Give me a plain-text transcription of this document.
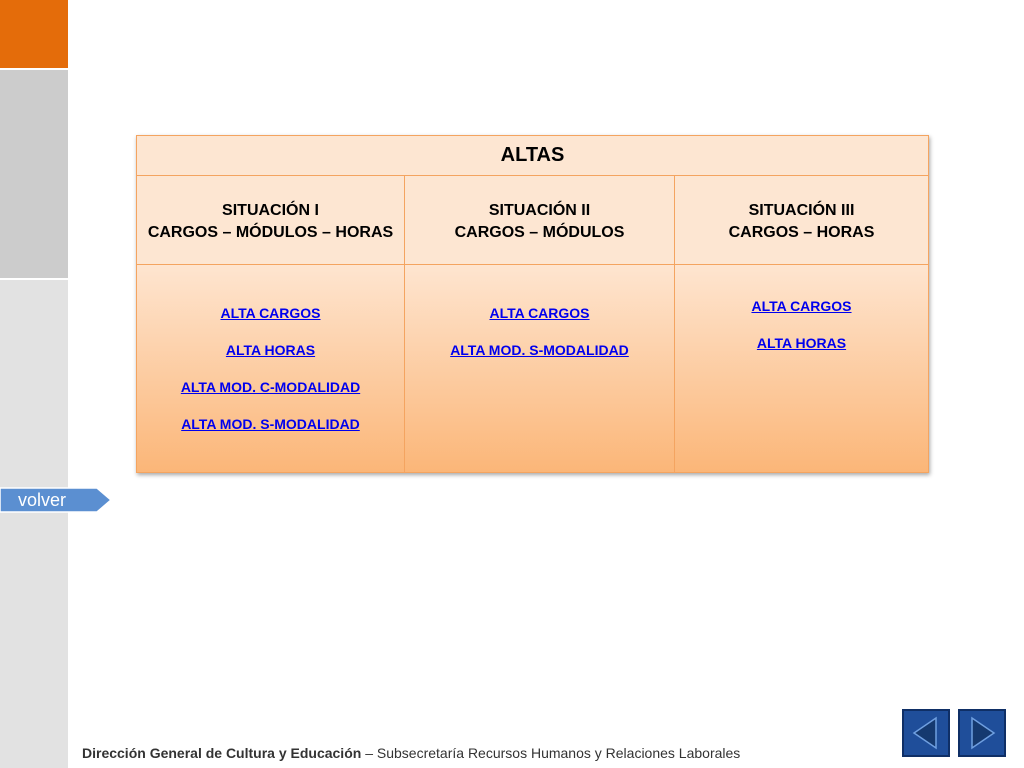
ALTAS
SITUACIÓN I
CARGOS – MÓDULOS – HORAS
SITUACIÓN II
CARGOS – MÓDULOS
SITUACIÓN III
CARGOS – HORAS
ALTA CARGOS
ALTA HORAS
ALTA MOD. C-MODALIDAD
ALTA MOD. S-MODALIDAD
ALTA CARGOS
ALTA MOD. S-MODALIDAD
ALTA CARGOS
ALTA HORAS
volver
Dirección General de Cultura y Educación – Subsecretaría Recursos Humanos y Relaciones Laborales
